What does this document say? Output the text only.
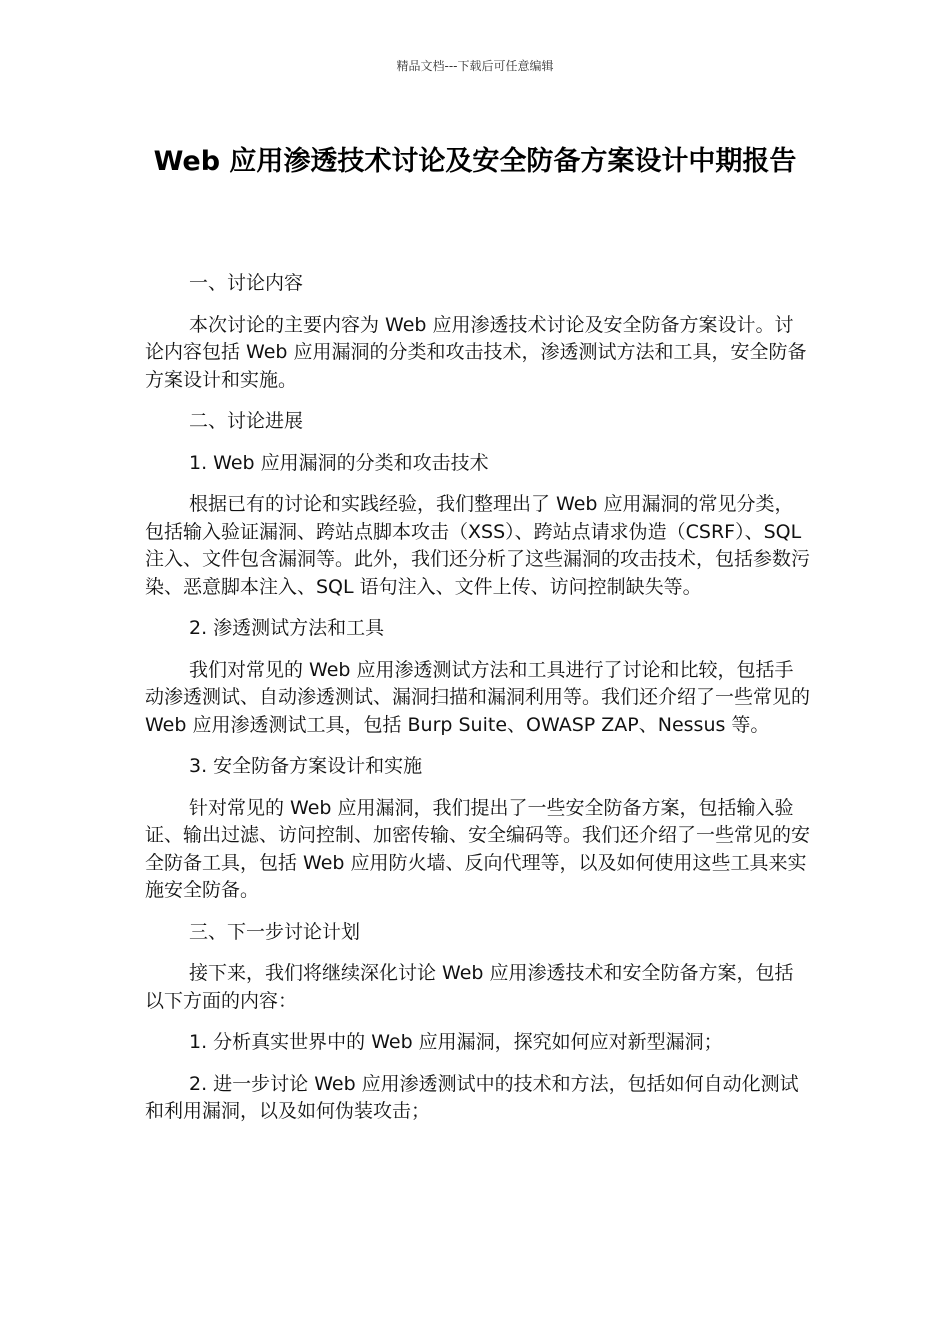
精品文档---下载后可任意编辑
Web 应用渗透技术讨论及安全防备方案设计中期报告

一、讨论内容

本次讨论的主要内容为 Web 应用渗透技术讨论及安全防备方案设计。讨论内容包括 Web 应用漏洞的分类和攻击技术，渗透测试方法和工具，安全防备方案设计和实施。

二、讨论进展

1. Web 应用漏洞的分类和攻击技术

根据已有的讨论和实践经验，我们整理出了 Web 应用漏洞的常见分类，包括输入验证漏洞、跨站点脚本攻击（XSS）、跨站点请求伪造（CSRF）、SQL 注入、文件包含漏洞等。此外，我们还分析了这些漏洞的攻击技术，包括参数污染、恶意脚本注入、SQL 语句注入、文件上传、访问控制缺失等。

2. 渗透测试方法和工具

我们对常见的 Web 应用渗透测试方法和工具进行了讨论和比较，包括手动渗透测试、自动渗透测试、漏洞扫描和漏洞利用等。我们还介绍了一些常见的 Web 应用渗透测试工具，包括 Burp Suite、OWASP ZAP、Nessus 等。

3. 安全防备方案设计和实施

针对常见的 Web 应用漏洞，我们提出了一些安全防备方案，包括输入验证、输出过滤、访问控制、加密传输、安全编码等。我们还介绍了一些常见的安全防备工具，包括 Web 应用防火墙、反向代理等，以及如何使用这些工具来实施安全防备。

三、下一步讨论计划

接下来，我们将继续深化讨论 Web 应用渗透技术和安全防备方案，包括以下方面的内容：

1. 分析真实世界中的 Web 应用漏洞，探究如何应对新型漏洞；

2. 进一步讨论 Web 应用渗透测试中的技术和方法，包括如何自动化测试和利用漏洞，以及如何伪装攻击；
